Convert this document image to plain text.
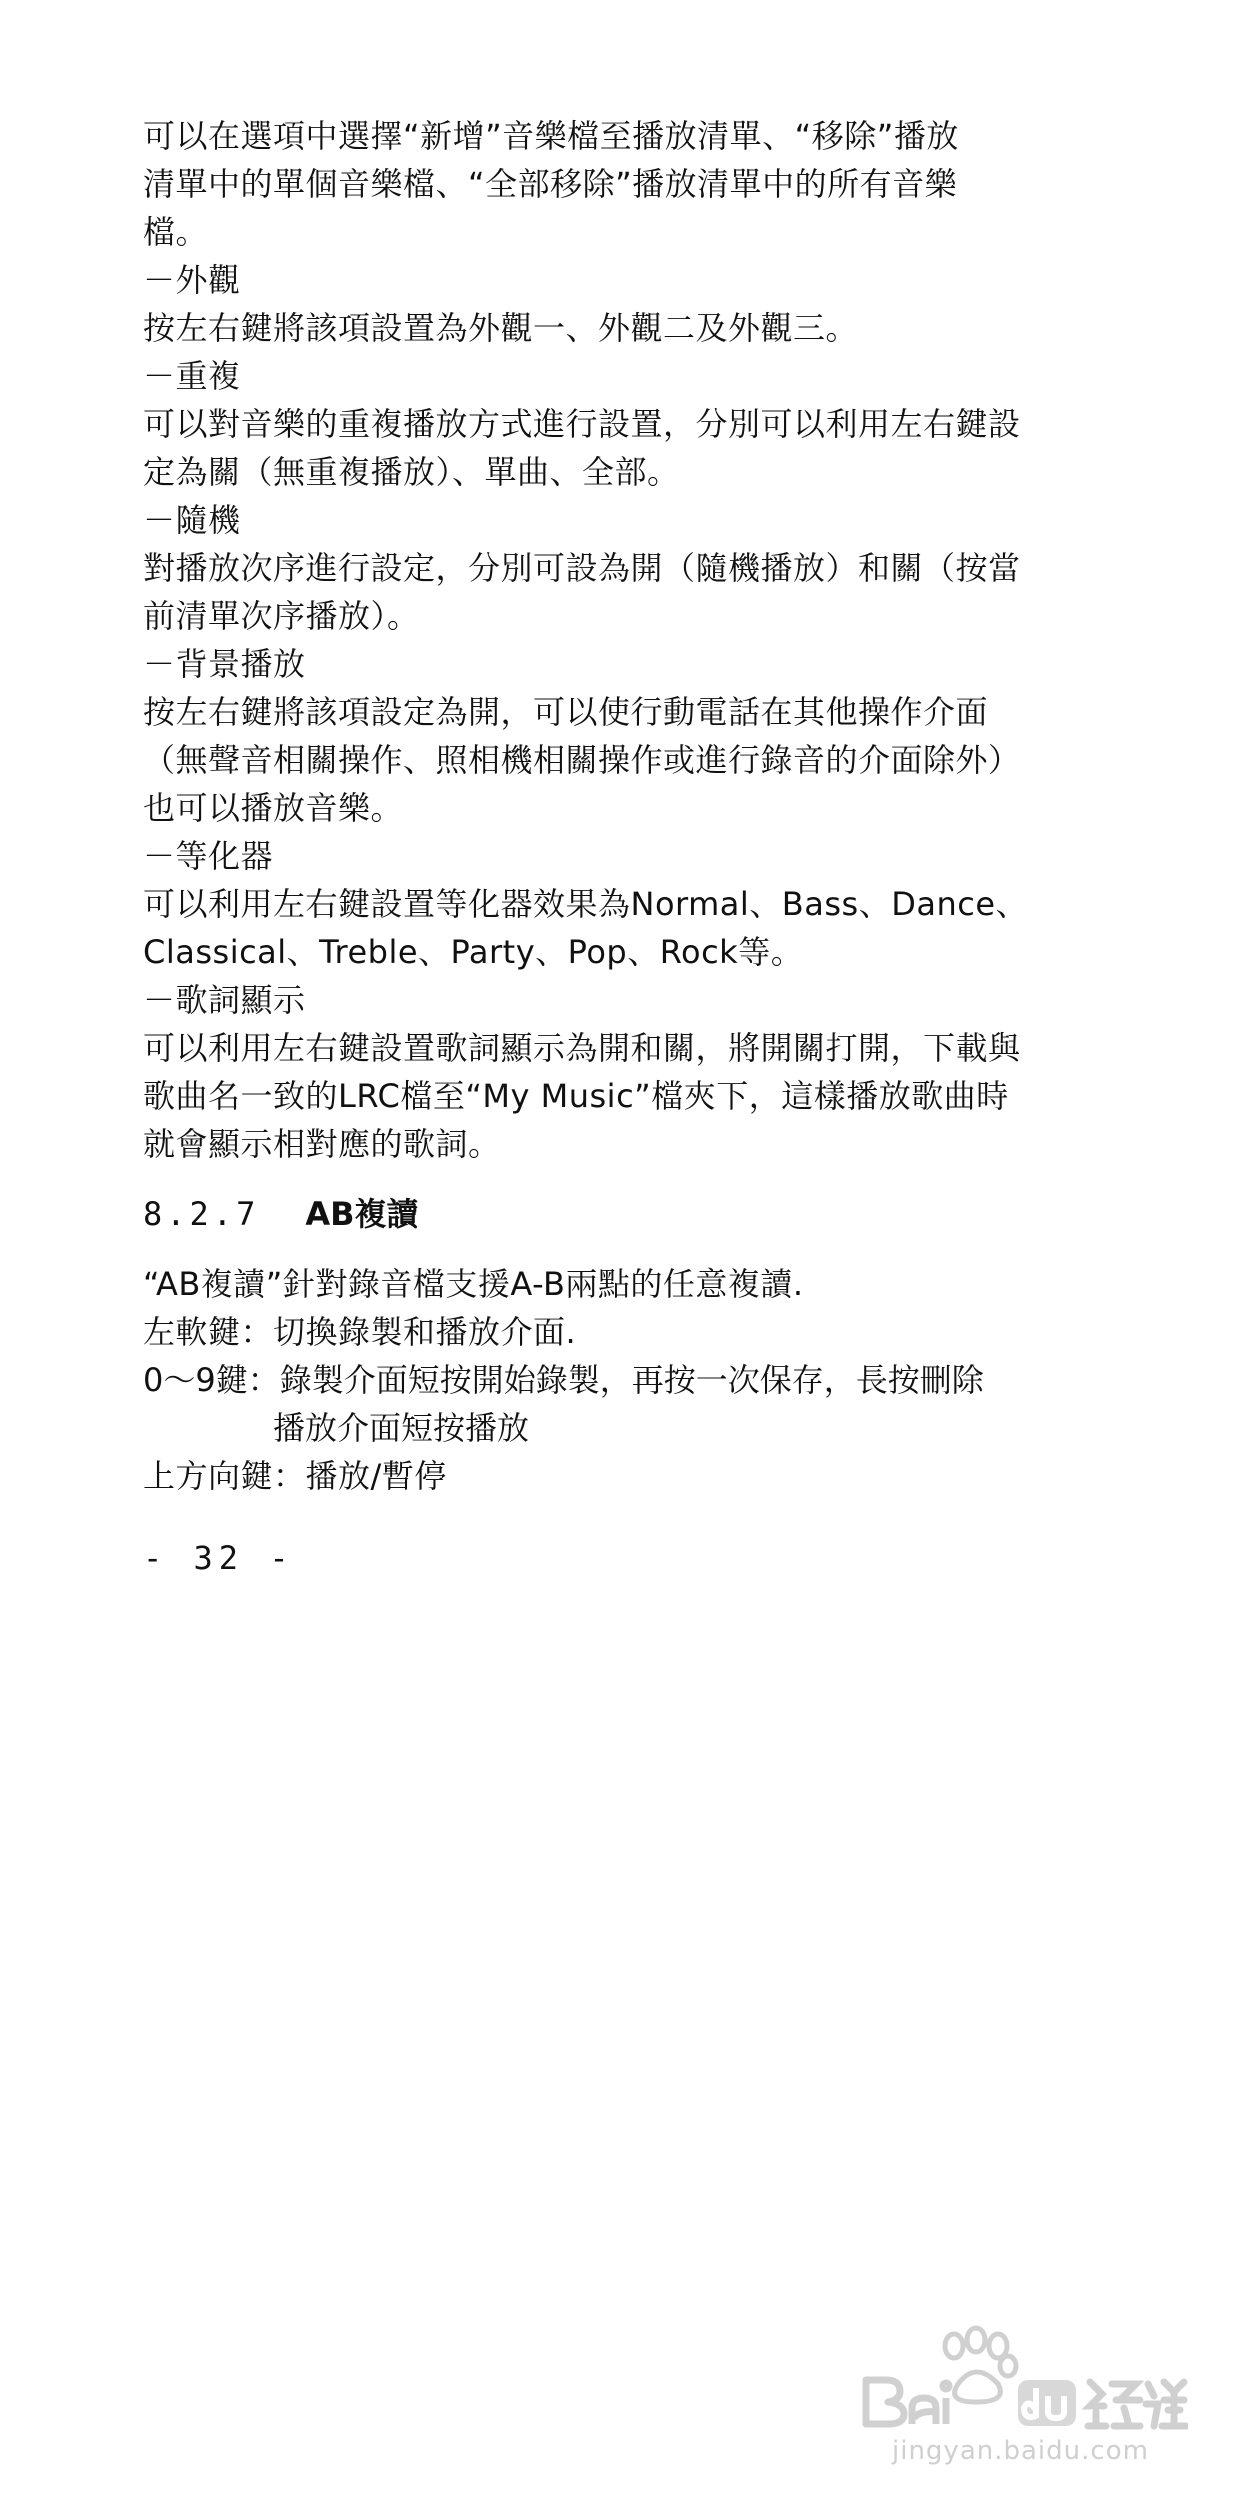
可以在選項中選擇“新增”音樂檔至播放清單、“移除”播放
清單中的單個音樂檔、“全部移除”播放清單中的所有音樂
檔。
－外觀
按左右鍵將該項設置為外觀一、外觀二及外觀三。
－重複
可以對音樂的重複播放方式進行設置，分別可以利用左右鍵設
定為關（無重複播放）、單曲、全部。
－隨機
對播放次序進行設定，分別可設為開（隨機播放）和關（按當
前清單次序播放）。
－背景播放
按左右鍵將該項設定為開，可以使行動電話在其他操作介面
（無聲音相關操作、照相機相關操作或進行錄音的介面除外）
也可以播放音樂。
－等化器
可以利用左右鍵設置等化器效果為Normal、Bass、Dance、
Classical、Treble、Party、Pop、Rock等。
－歌詞顯示
可以利用左右鍵設置歌詞顯示為開和關，將開關打開，下載與
歌曲名一致的LRC檔至“My Music”檔夾下，這樣播放歌曲時
就會顯示相對應的歌詞。
8.2.7 AB複讀
“AB複讀”針對錄音檔支援A-B兩點的任意複讀.
左軟鍵：切換錄製和播放介面.
0～9鍵： 錄製介面短按開始錄製，再按一次保存，長按刪除
播放介面短按播放
上方向鍵：播放/暫停
- 32 -
jingyan.baidu.com
